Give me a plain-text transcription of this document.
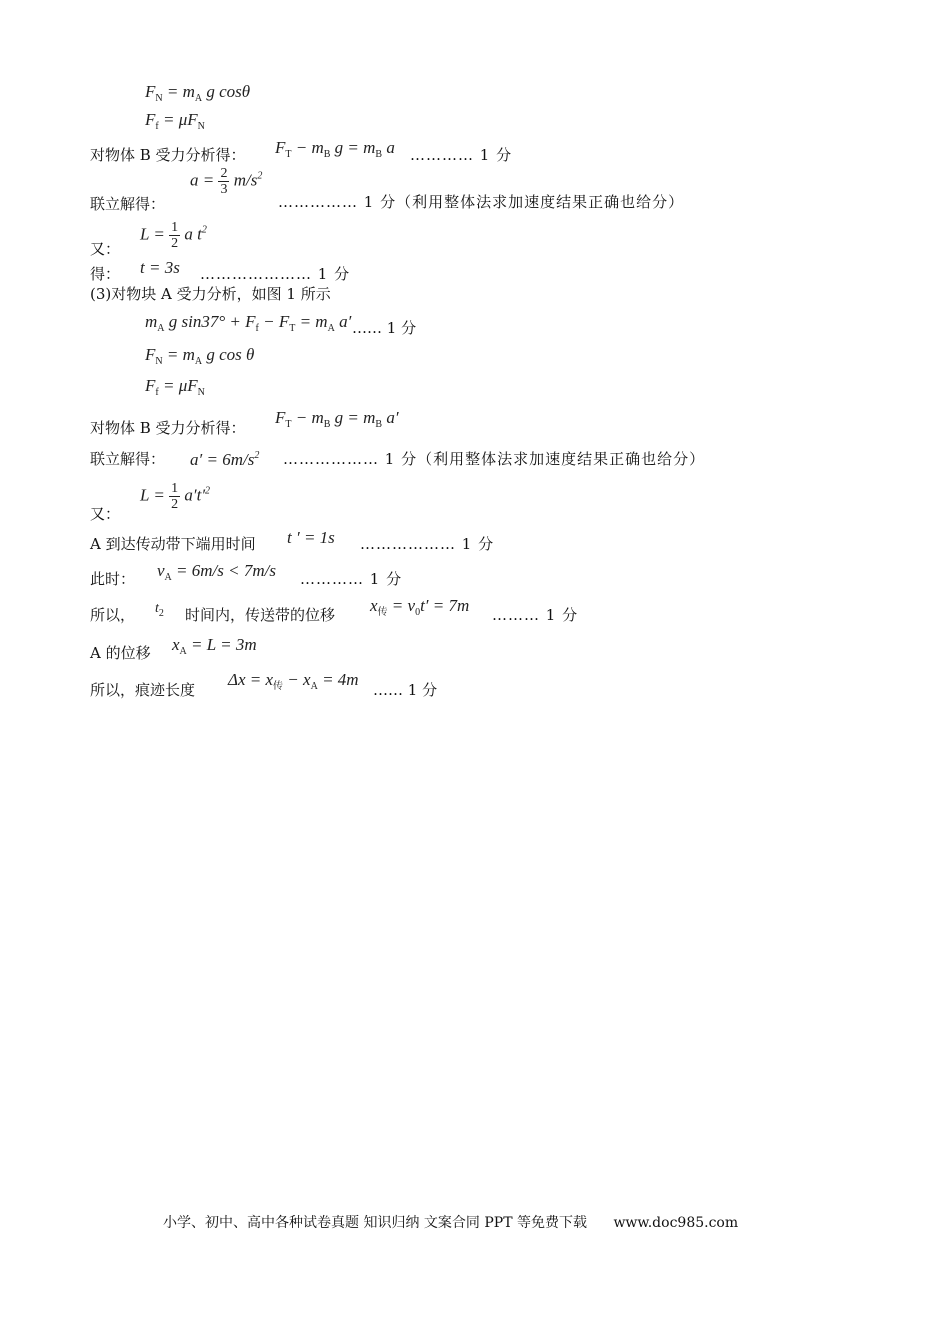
$F_N = m_A$ g cosθ
$F_f = \mu F_N$
对物体 B 受力分析得： $F_T - m_B$ $g = m_B$ a ………… 1 分
$a = \frac{2}{3} m/s^2$
联立解得：	…………… 1 分（利用整体法求加速度结果正确也给分）
$L = \frac{1}{2}$ a $t^2$
又：
得： t = 3s ………………… 1 分
(3)对物块 A 受力分析，如图 1 所示
$m_A$ g $\sin 37^\circ + F_f - F_T = m_A$ a′ …… 1 分
$F_N = m_A$ g cos θ
$F_f = \mu F_N$
对物体 B 受力分析得：
$F_T - m_B$ $g = m_B$ a′
联立解得： $a' = 6m/s^2$ ……………… 1 分（利用整体法求加速度结果正确也给分）
$L = \frac{1}{2} a't'^2$
又：
A 到达传动带下端用时间 t ′ = 1s ……………… 1 分
此时： $v_A = 6m/s < 7m/s$ ………… 1 分
所以， $t_2$ 时间内，传送带的位移 $x_传 = v_0t' = 7m$ ……… 1 分
A 的位移 $x_A = L = 3m$
所以，痕迹长度
$\Delta x = x_传 - x_A = 4m$
…… 1 分
小学、初中、高中各种试卷真题 知识归纳 文案合同 PPT 等免费下载 www.doc985.com
